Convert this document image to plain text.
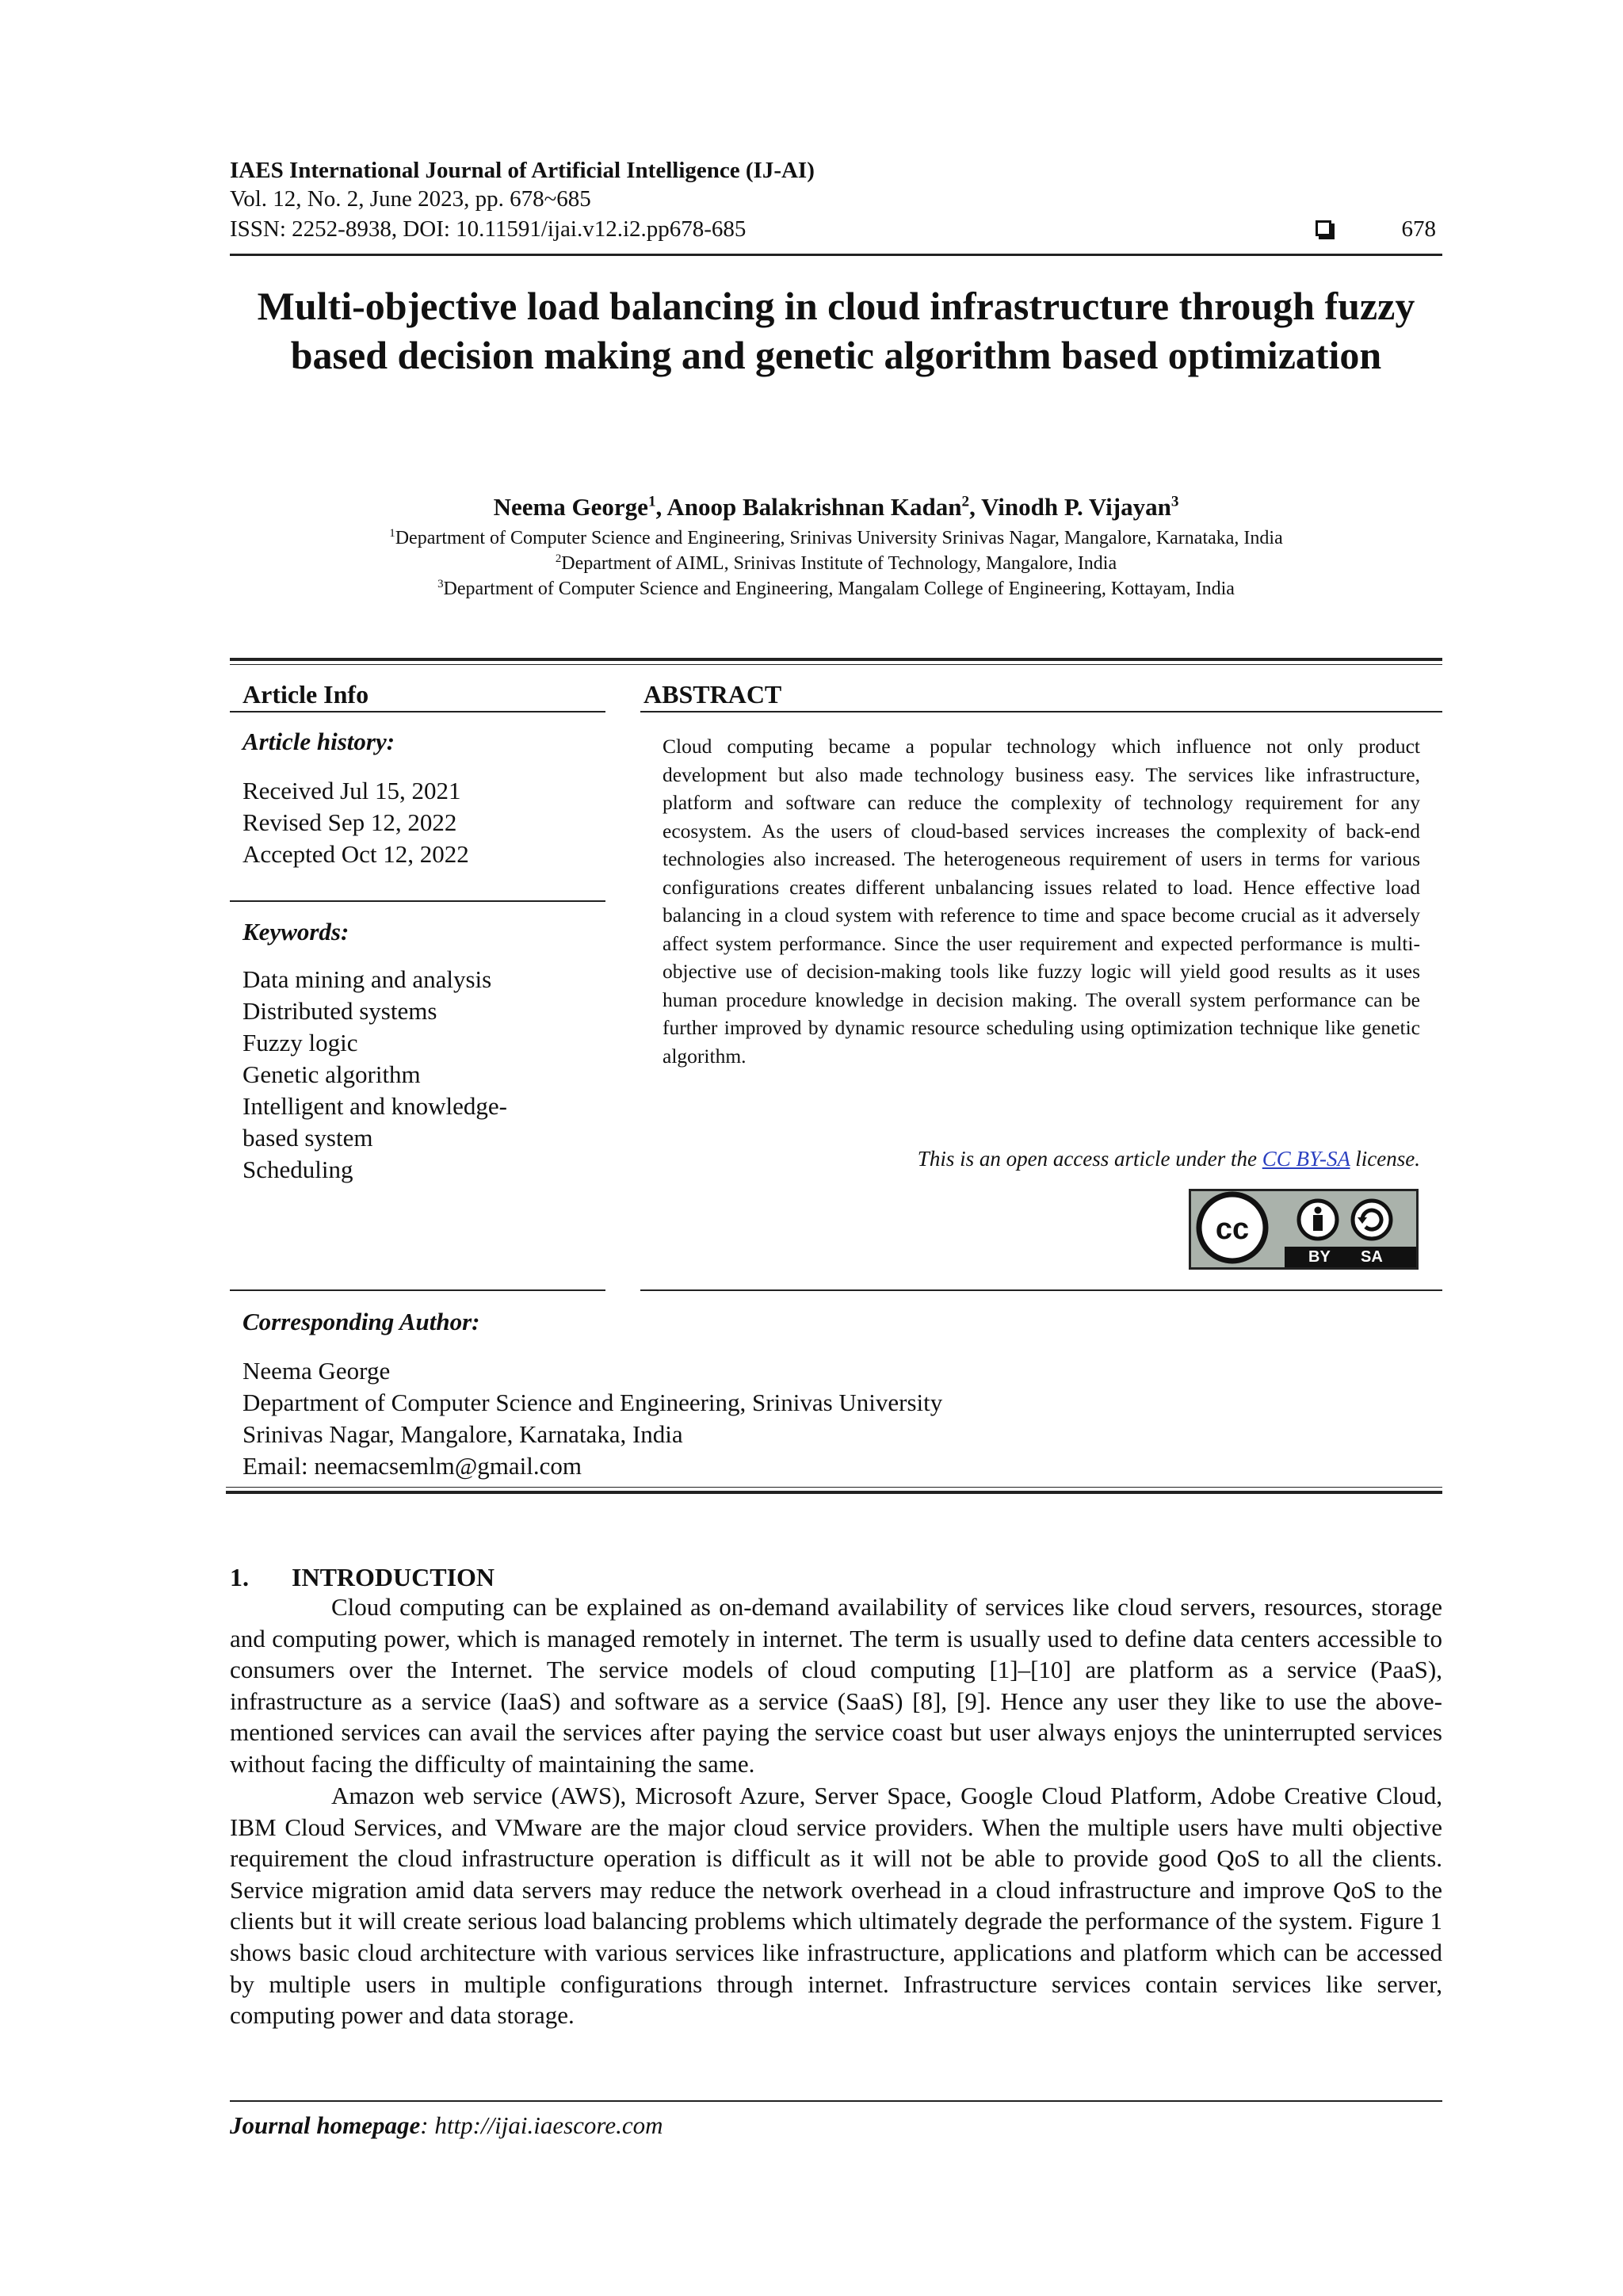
IAES International Journal of Artificial Intelligence (IJ-AI)
Vol. 12, No. 2, June 2023, pp. 678~685
ISSN: 2252-8938, DOI: 10.11591/ijai.v12.i2.pp678-685	678
Multi-objective load balancing in cloud infrastructure through fuzzy based decision making and genetic algorithm based optimization
Neema George$^1$, Anoop Balakrishnan Kadan$^2$, Vinodh P. Vijayan$^3$
$^1$Department of Computer Science and Engineering, Srinivas University Srinivas Nagar, Mangalore, Karnataka, India
$^2$Department of AIML, Srinivas Institute of Technology, Mangalore, India
$^3$Department of Computer Science and Engineering, Mangalam College of Engineering, Kottayam, India
Article Info
Article history:
Received Jul 15, 2021
Revised Sep 12, 2022
Accepted Oct 12, 2022
Keywords:
Data mining and analysis
Distributed systems
Fuzzy logic
Genetic algorithm
Intelligent and knowledge-
based system
Scheduling
ABSTRACT
Cloud computing became a popular technology which influence not only product development but also made technology business easy. The services like infrastructure, platform and software can reduce the complexity of technology requirement for any ecosystem. As the users of cloud-based services increases the complexity of back-end technologies also increased. The heterogeneous requirement of users in terms for various configurations creates different unbalancing issues related to load. Hence effective load balancing in a cloud system with reference to time and space become crucial as it adversely affect system performance. Since the user requirement and expected performance is multi-objective use of decision-making tools like fuzzy logic will yield good results as it uses human procedure knowledge in decision making. The overall system performance can be further improved by dynamic resource scheduling using optimization technique like genetic algorithm.
This is an open access article under the CC BY-SA license.
cc
BY SA
Corresponding Author:
Neema George
Department of Computer Science and Engineering, Srinivas University
Srinivas Nagar, Mangalore, Karnataka, India
Email: neemacsemlm@gmail.com
1. INTRODUCTION
Cloud computing can be explained as on-demand availability of services like cloud servers, resources, storage and computing power, which is managed remotely in internet. The term is usually used to define data centers accessible to consumers over the Internet. The service models of cloud computing [1]–[10] are platform as a service (PaaS), infrastructure as a service (IaaS) and software as a service (SaaS) [8], [9]. Hence any user they like to use the above-mentioned services can avail the services after paying the service coast but user always enjoys the uninterrupted services without facing the difficulty of maintaining the same.
Amazon web service (AWS), Microsoft Azure, Server Space, Google Cloud Platform, Adobe Creative Cloud, IBM Cloud Services, and VMware are the major cloud service providers. When the multiple users have multi objective requirement the cloud infrastructure operation is difficult as it will not be able to provide good QoS to all the clients. Service migration amid data servers may reduce the network overhead in a cloud infrastructure and improve QoS to the clients but it will create serious load balancing problems which ultimately degrade the performance of the system. Figure 1 shows basic cloud architecture with various services like infrastructure, applications and platform which can be accessed by multiple users in multiple configurations through internet. Infrastructure services contain services like server, computing power and data storage.
Journal homepage: http://ijai.iaescore.com
